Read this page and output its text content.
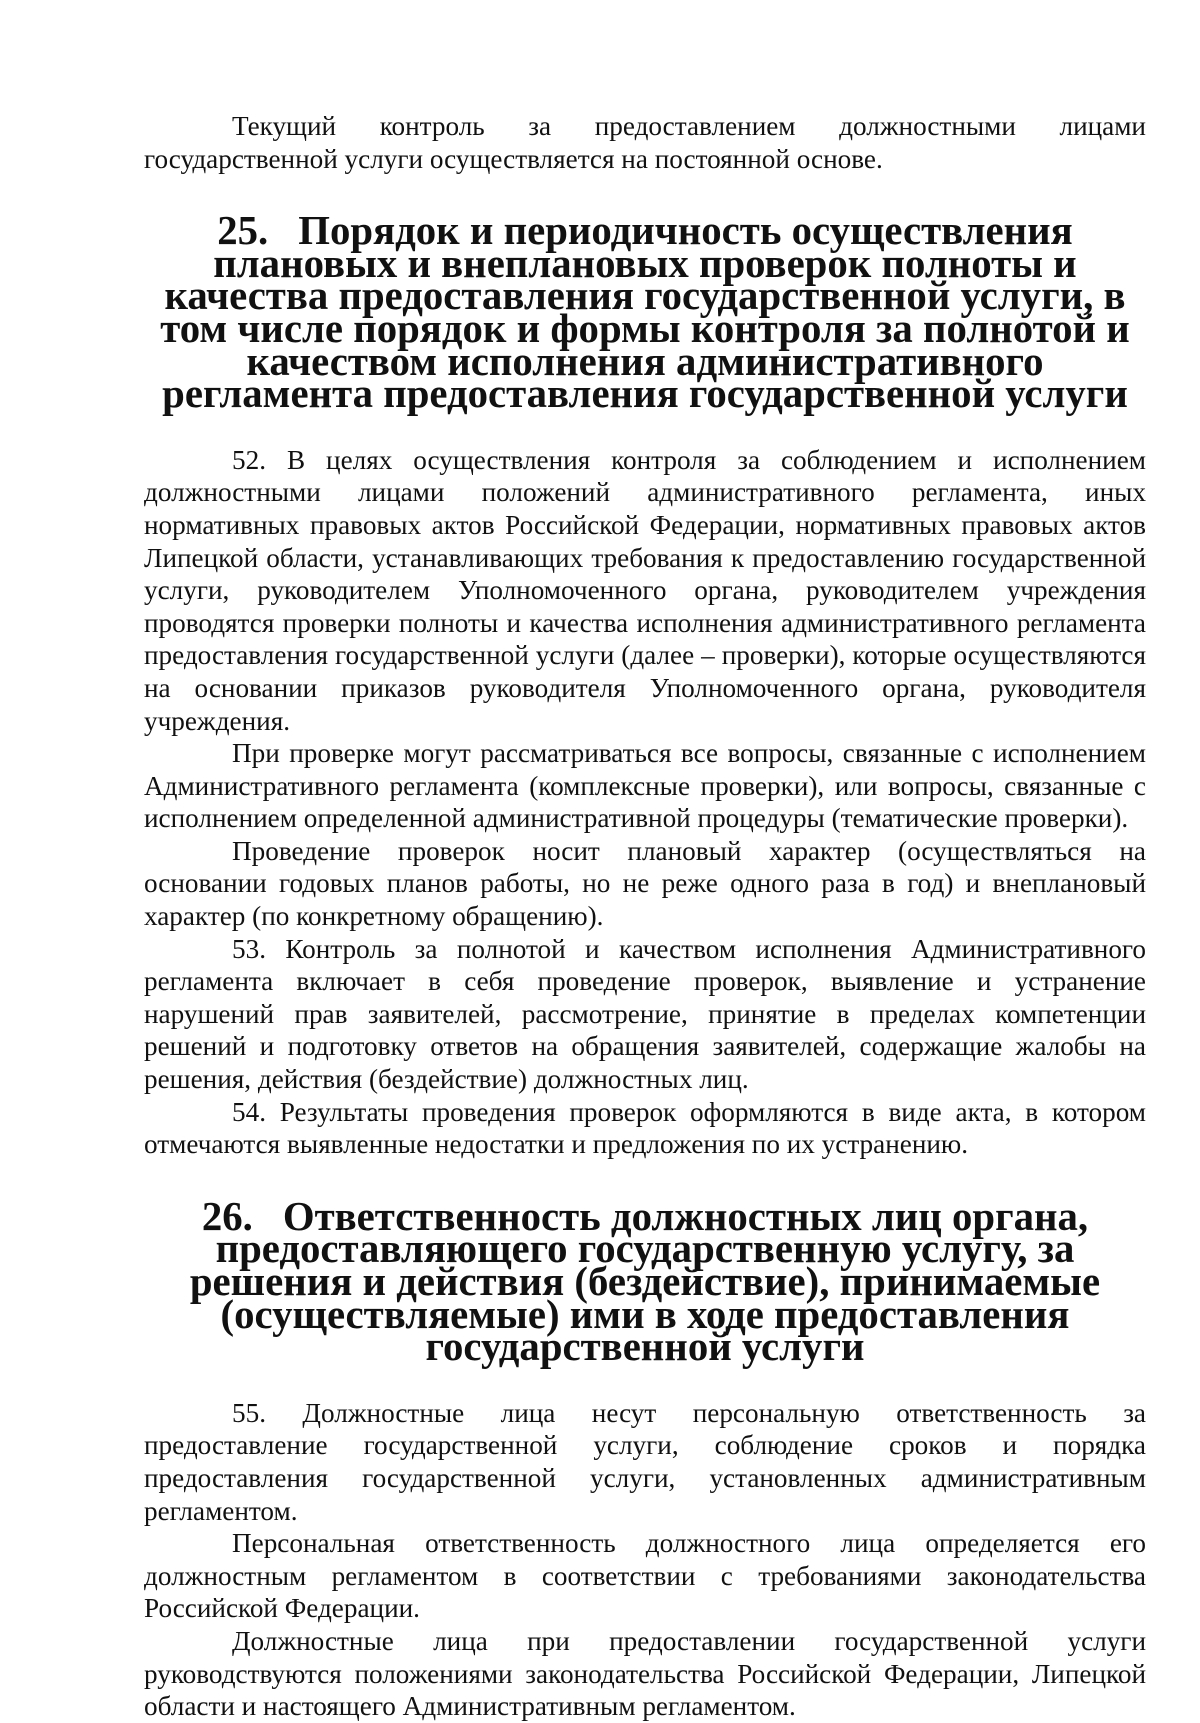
Текущий контроль за предоставлением должностными лицами государственной услуги осуществляется на постоянной основе.

25. Порядок и периодичность осуществления плановых и внеплановых проверок полноты и качества предоставления государственной услуги, в том числе порядок и формы контроля за полнотой и качеством исполнения административного регламента предоставления государственной услуги

52. В целях осуществления контроля за соблюдением и исполнением должностными лицами положений административного регламента, иных нормативных правовых актов Российской Федерации, нормативных правовых актов Липецкой области, устанавливающих требования к предоставлению государственной услуги, руководителем Уполномоченного органа, руководителем учреждения проводятся проверки полноты и качества исполнения административного регламента предоставления государственной услуги (далее – проверки), которые осуществляются на основании приказов руководителя Уполномоченного органа, руководителя учреждения.

При проверке могут рассматриваться все вопросы, связанные с исполнением Административного регламента (комплексные проверки), или вопросы, связанные с исполнением определенной административной процедуры (тематические проверки).

Проведение проверок носит плановый характер (осуществляться на основании годовых планов работы, но не реже одного раза в год) и внеплановый характер (по конкретному обращению).

53. Контроль за полнотой и качеством исполнения Административного регламента включает в себя проведение проверок, выявление и устранение нарушений прав заявителей, рассмотрение, принятие в пределах компетенции решений и подготовку ответов на обращения заявителей, содержащие жалобы на решения, действия (бездействие) должностных лиц.

54. Результаты проведения проверок оформляются в виде акта, в котором отмечаются выявленные недостатки и предложения по их устранению.

26. Ответственность должностных лиц органа, предоставляющего государственную услугу, за решения и действия (бездействие), принимаемые (осуществляемые) ими в ходе предоставления государственной услуги

55. Должностные лица несут персональную ответственность за предоставление государственной услуги, соблюдение сроков и порядка предоставления государственной услуги, установленных административным регламентом.

Персональная ответственность должностного лица определяется его должностным регламентом в соответствии с требованиями законодательства Российской Федерации.

Должностные лица при предоставлении государственной услуги руководствуются положениями законодательства Российской Федерации, Липецкой области и настоящего Административным регламентом.
